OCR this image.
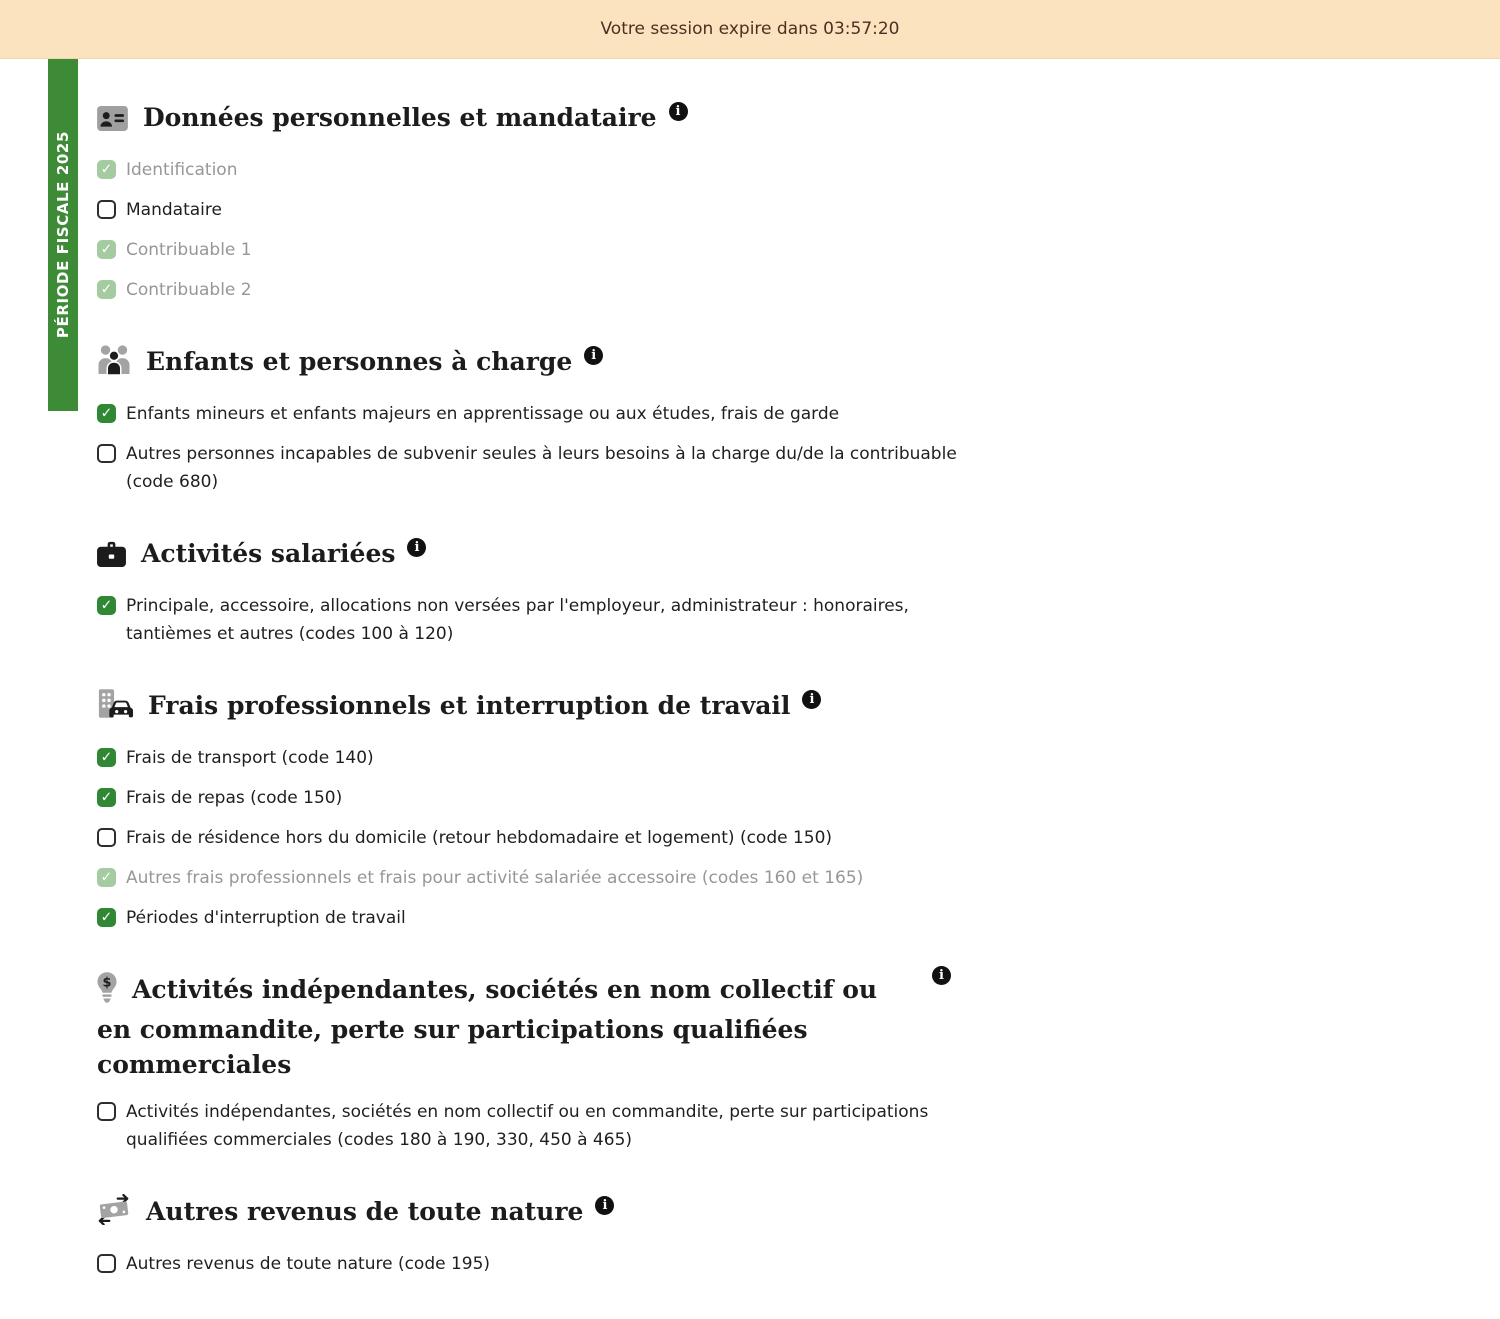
Votre session expire dans 03:57:20
PÉRIODE FISCALE 2025
Données personnelles et mandataire i
✓
Identification
Mandataire
✓
Contribuable 1
✓
Contribuable 2
Enfants et personnes à charge i
✓
Enfants mineurs et enfants majeurs en apprentissage ou aux études, frais de garde
Autres personnes incapables de subvenir seules à leurs besoins à la charge du/de la contribuable (code 680)
Activités salariées i
✓
Principale, accessoire, allocations non versées par l'employeur, administrateur : honoraires, tantièmes et autres (codes 100 à 120)
Frais professionnels et interruption de travail i
✓
Frais de transport (code 140)
✓
Frais de repas (code 150)
Frais de résidence hors du domicile (retour hebdomadaire et logement) (code 150)
✓
Autres frais professionnels et frais pour activité salariée accessoire (codes 160 et 165)
✓
Périodes d'interruption de travail
$ Activités indépendantes, sociétés en nom collectif ou en commandite, perte sur participations qualifiées commerciales
i
Activités indépendantes, sociétés en nom collectif ou en commandite, perte sur participations qualifiées commerciales (codes 180 à 190, 330, 450 à 465)
Autres revenus de toute nature i
Autres revenus de toute nature (code 195)
